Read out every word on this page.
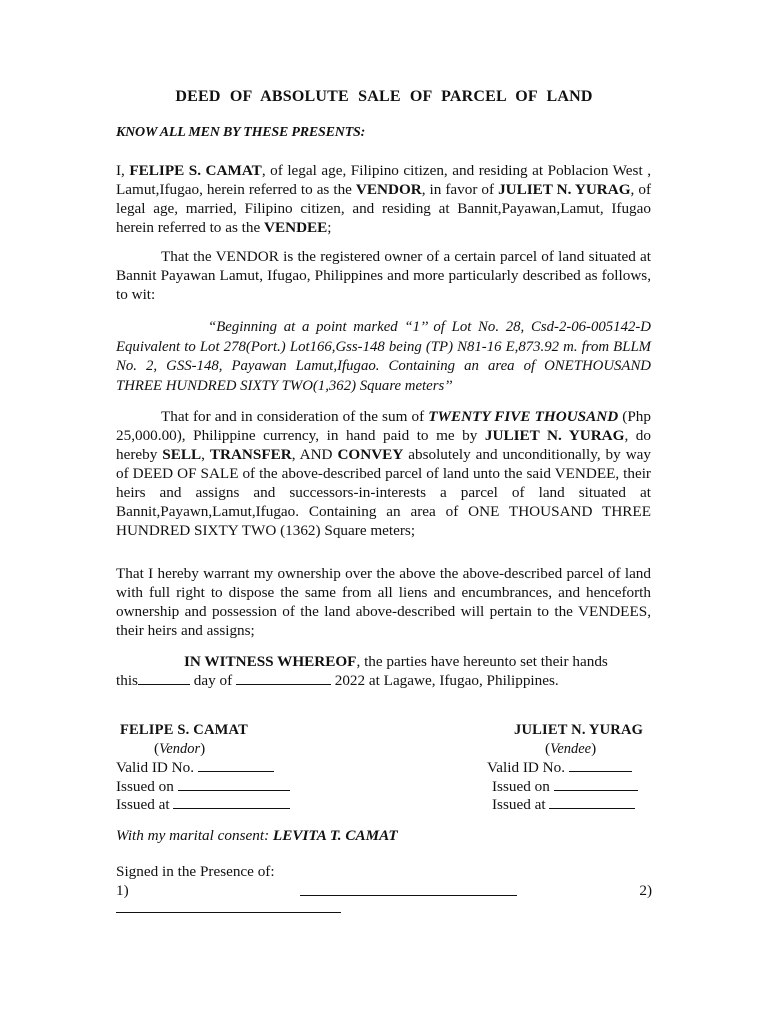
DEED OF ABSOLUTE SALE OF PARCEL OF LAND
KNOW ALL MEN BY THESE PRESENTS:
I, FELIPE S. CAMAT, of legal age, Filipino citizen, and residing at Poblacion West , Lamut,Ifugao, herein referred to as the VENDOR, in favor of JULIET N. YURAG, of legal age, married, Filipino citizen, and residing at Bannit,Payawan,Lamut, Ifugao herein referred to as the VENDEE;
That the VENDOR is the registered owner of a certain parcel of land situated at Bannit Payawan Lamut, Ifugao, Philippines and more particularly described as follows, to wit:
“Beginning at a point marked “1’’ of Lot No. 28, Csd-2-06-005142-D Equivalent to Lot 278(Port.) Lot166,Gss-148 being (TP) N81-16 E,873.92 m. from BLLM No. 2, GSS-148, Payawan Lamut,Ifugao. Containing an area of ONETHOUSAND THREE HUNDRED SIXTY TWO(1,362) Square meters’’
That for and in consideration of the sum of TWENTY FIVE THOUSAND (Php 25,000.00), Philippine currency, in hand paid to me by JULIET N. YURAG, do hereby SELL, TRANSFER, AND CONVEY absolutely and unconditionally, by way of DEED OF SALE of the above-described parcel of land unto the said VENDEE, their heirs and assigns and successors-in-interests a parcel of land situated at Bannit,Payawn,Lamut,Ifugao. Containing an area of ONE THOUSAND THREE HUNDRED SIXTY TWO (1362) Square meters;
That I hereby warrant my ownership over the above the above-described parcel of land with full right to dispose the same from all liens and encumbrances, and henceforth ownership and possession of the land above-described will pertain to the VENDEES, their heirs and assigns;
IN WITNESS WHEREOF, the parties have hereunto set their hands
this	day of	2022 at Lagawe, Ifugao, Philippines.
FELIPE S. CAMAT
(Vendor)
Valid ID No.
Issued on
Issued at
JULIET N. YURAG
(Vendee)
Valid ID No.
Issued on
Issued at
With my marital consent: LEVITA T. CAMAT
Signed in the Presence of:
1)	2)
